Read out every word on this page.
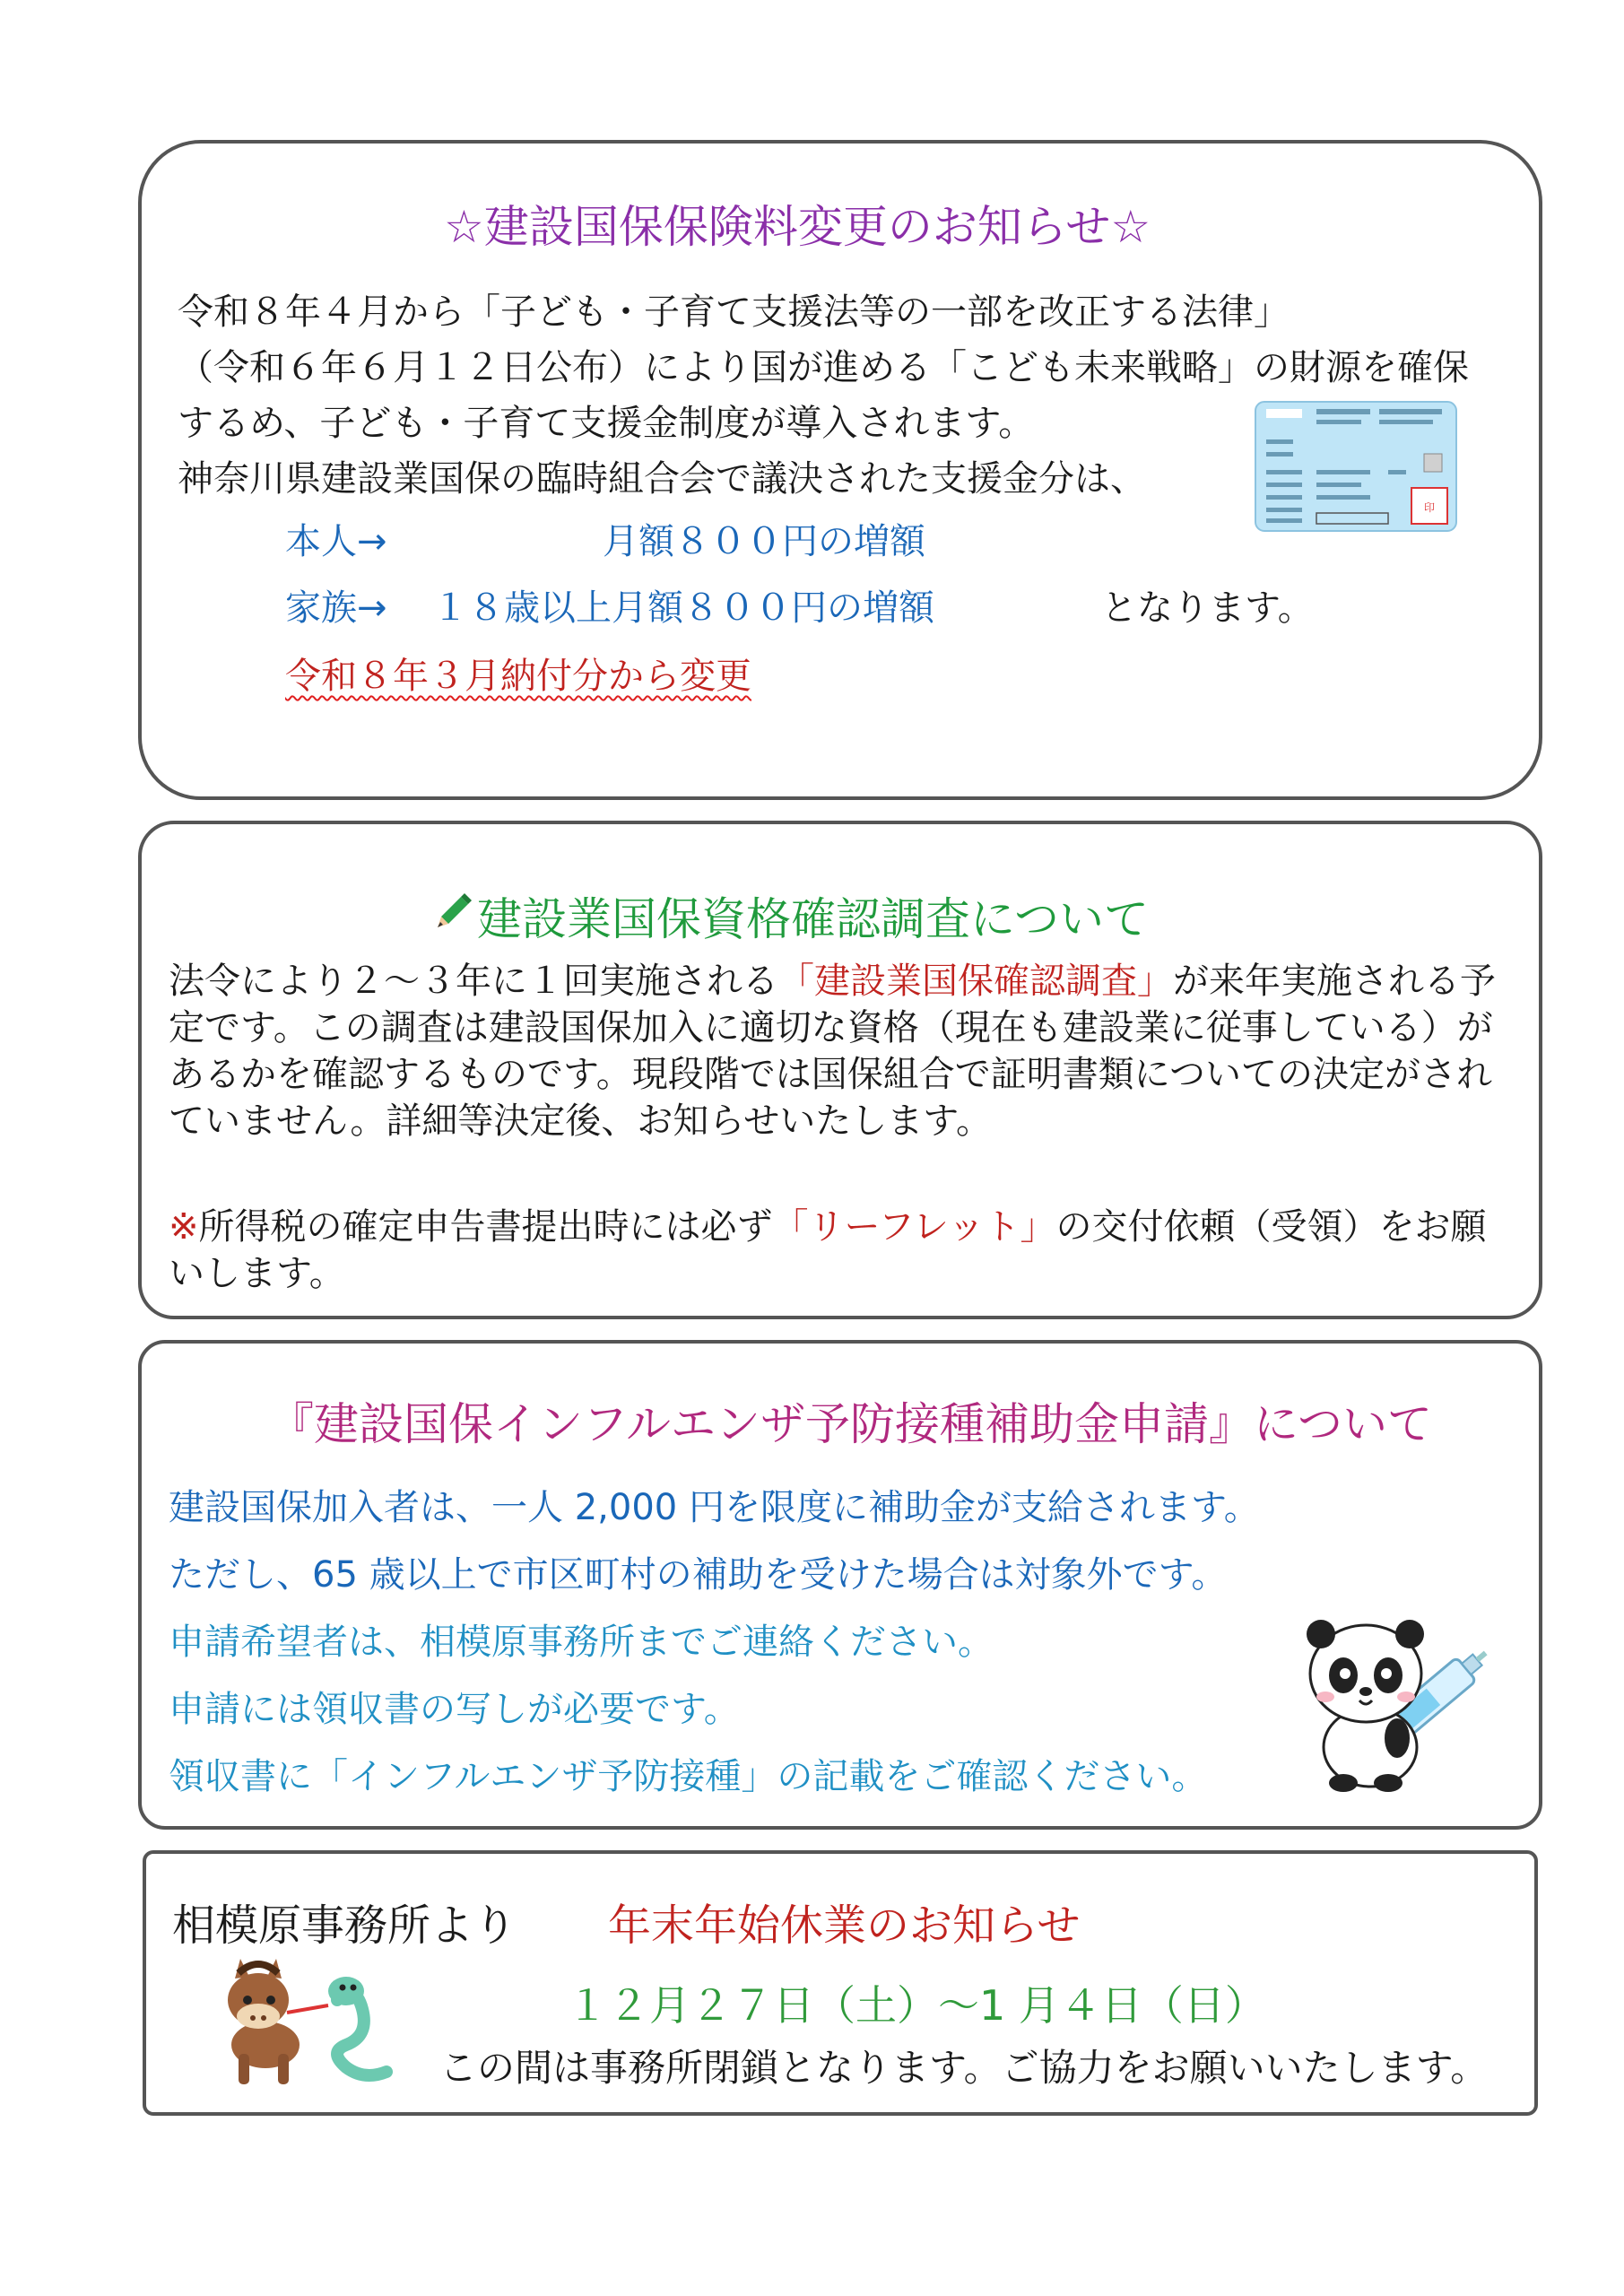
☆建設国保保険料変更のお知らせ☆
令和８年４月から「子ども・子育て支援法等の一部を改正する法律」
（令和６年６月１２日公布）により国が進める「こども未来戦略」の財源を確保
するめ、子ども・子育て支援金制度が導入されます。
神奈川県建設業国保の臨時組合会で議決された支援金分は、
本人→	月額８００円の増額
家族→ １８歳以上月額８００円の増額	となります。
令和８年３月納付分から変更
印
建設業国保資格確認調査について
法令により２〜３年に１回実施される「建設業国保確認調査」が来年実施される予
定です。この調査は建設国保加入に適切な資格（現在も建設業に従事している）が
あるかを確認するものです。現段階では国保組合で証明書類についての決定がされ
ていません。詳細等決定後、お知らせいたします。
※所得税の確定申告書提出時には必ず「リーフレット」の交付依頼（受領）をお願
いします。
『建設国保インフルエンザ予防接種補助金申請』について
建設国保加入者は、一人 2,000 円を限度に補助金が支給されます。
ただし、65 歳以上で市区町村の補助を受けた場合は対象外です。
申請希望者は、相模原事務所までご連絡ください。
申請には領収書の写しが必要です。
領収書に「インフルエンザ予防接種」の記載をご確認ください。
相模原事務所より 年末年始休業のお知らせ
１２月２７日（土）〜1 月４日（日）
この間は事務所閉鎖となります。ご協力をお願いいたします。
